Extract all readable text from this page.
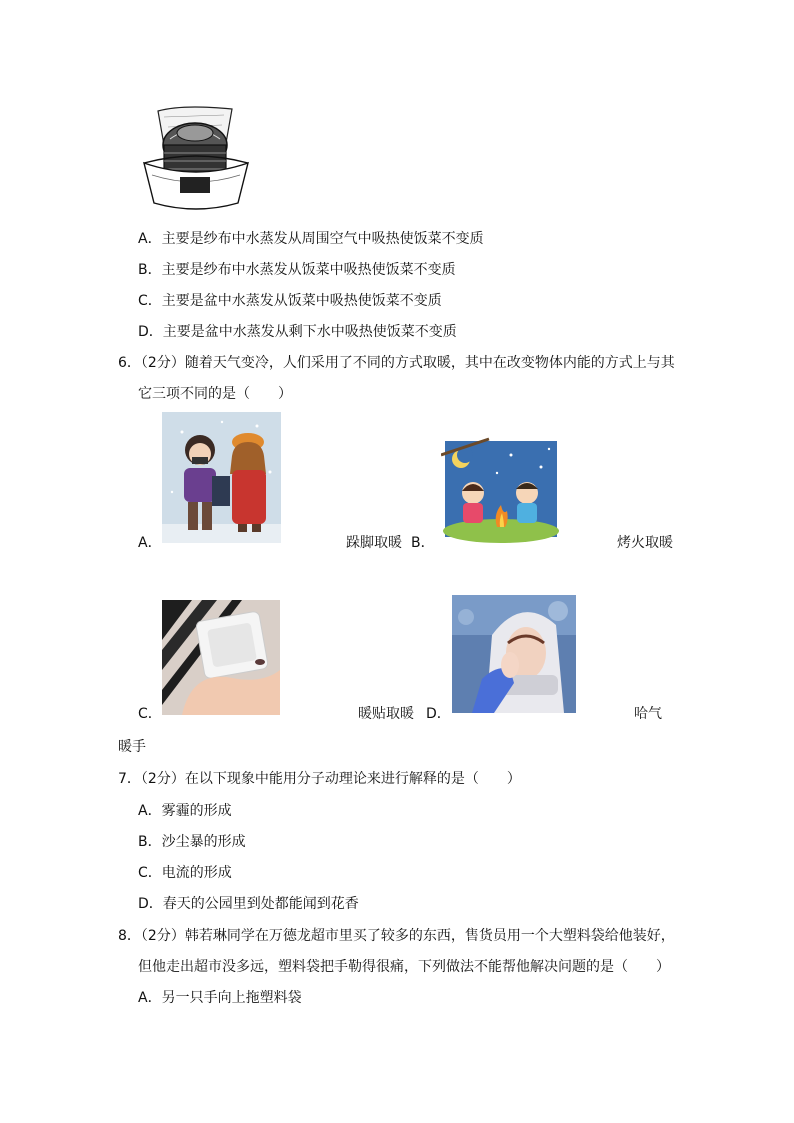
A．主要是纱布中水蒸发从周围空气中吸热使饭菜不变质
B．主要是纱布中水蒸发从饭菜中吸热使饭菜不变质
C．主要是盆中水蒸发从饭菜中吸热使饭菜不变质
D．主要是盆中水蒸发从剩下水中吸热使饭菜不变质
6．（2分）随着天气变冷，人们采用了不同的方式取暖，其中在改变物体内能的方式上与其
它三项不同的是（　　）
A．	跺脚取暖 B．	烤火取暖
C．	暖贴取暖 D．	哈气
暖手
7．（2分）在以下现象中能用分子动理论来进行解释的是（　　）
A．雾霾的形成
B．沙尘暴的形成
C．电流的形成
D．春天的公园里到处都能闻到花香
8．（2分）韩若琳同学在万德龙超市里买了较多的东西，售货员用一个大塑料袋给他装好，
但他走出超市没多远，塑料袋把手勒得很痛，下列做法不能帮他解决问题的是（　　）
A．另一只手向上拖塑料袋
